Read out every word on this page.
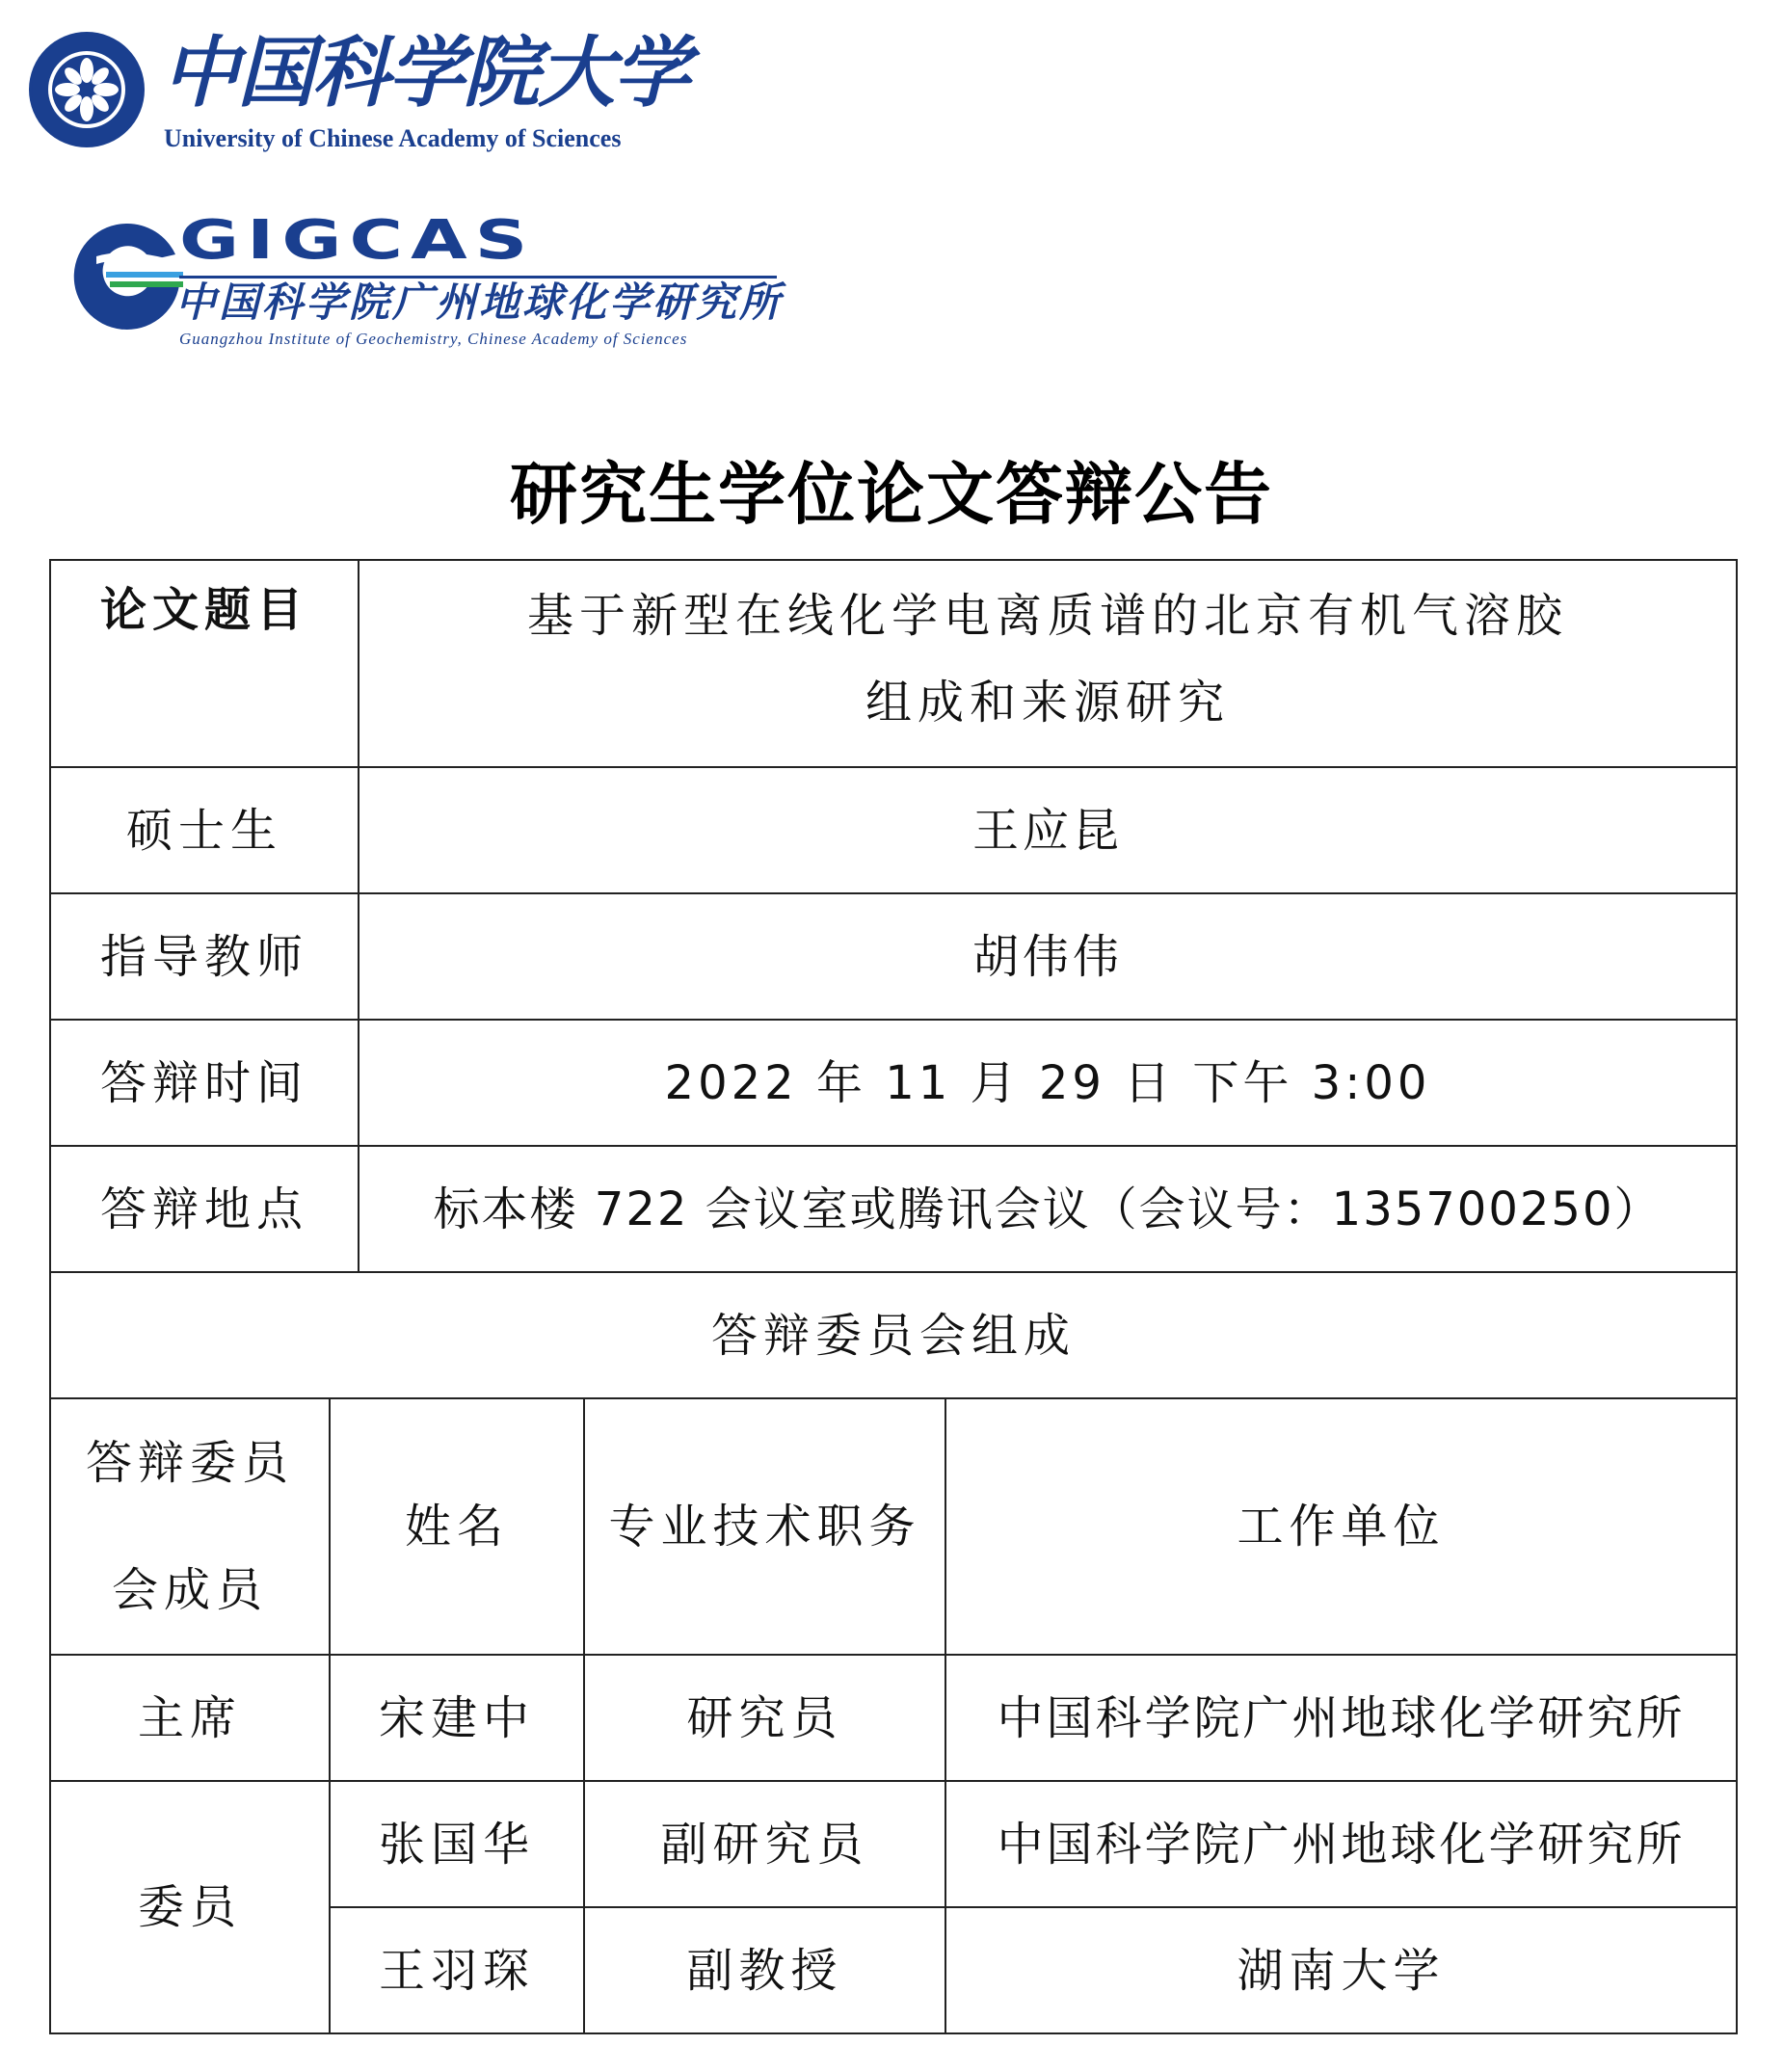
中国科学院大学
University of Chinese Academy of Sciences
GIGCAS
中国科学院广州地球化学研究所
Guangzhou Institute of Geochemistry, Chinese Academy of Sciences
研究生学位论文答辩公告
论文题目		基于新型在线化学电离质谱的北京有机气溶胶
组成和来源研究		

硕士生		王应昆		
指导教师		胡伟伟		
答辩时间		2022 年 11 月 29 日 下午 3:00		
答辩地点		标本楼 722 会议室或腾讯会议（会议号：135700250）		
答辩委员会组成				

答辩委员
会成员	姓名		专业技术职务	工作单位
主席	宋建中		研究员	中国科学院广州地球化学研究所
委员	张国华		副研究员	中国科学院广州地球化学研究所
	王羽琛		副教授	湖南大学
